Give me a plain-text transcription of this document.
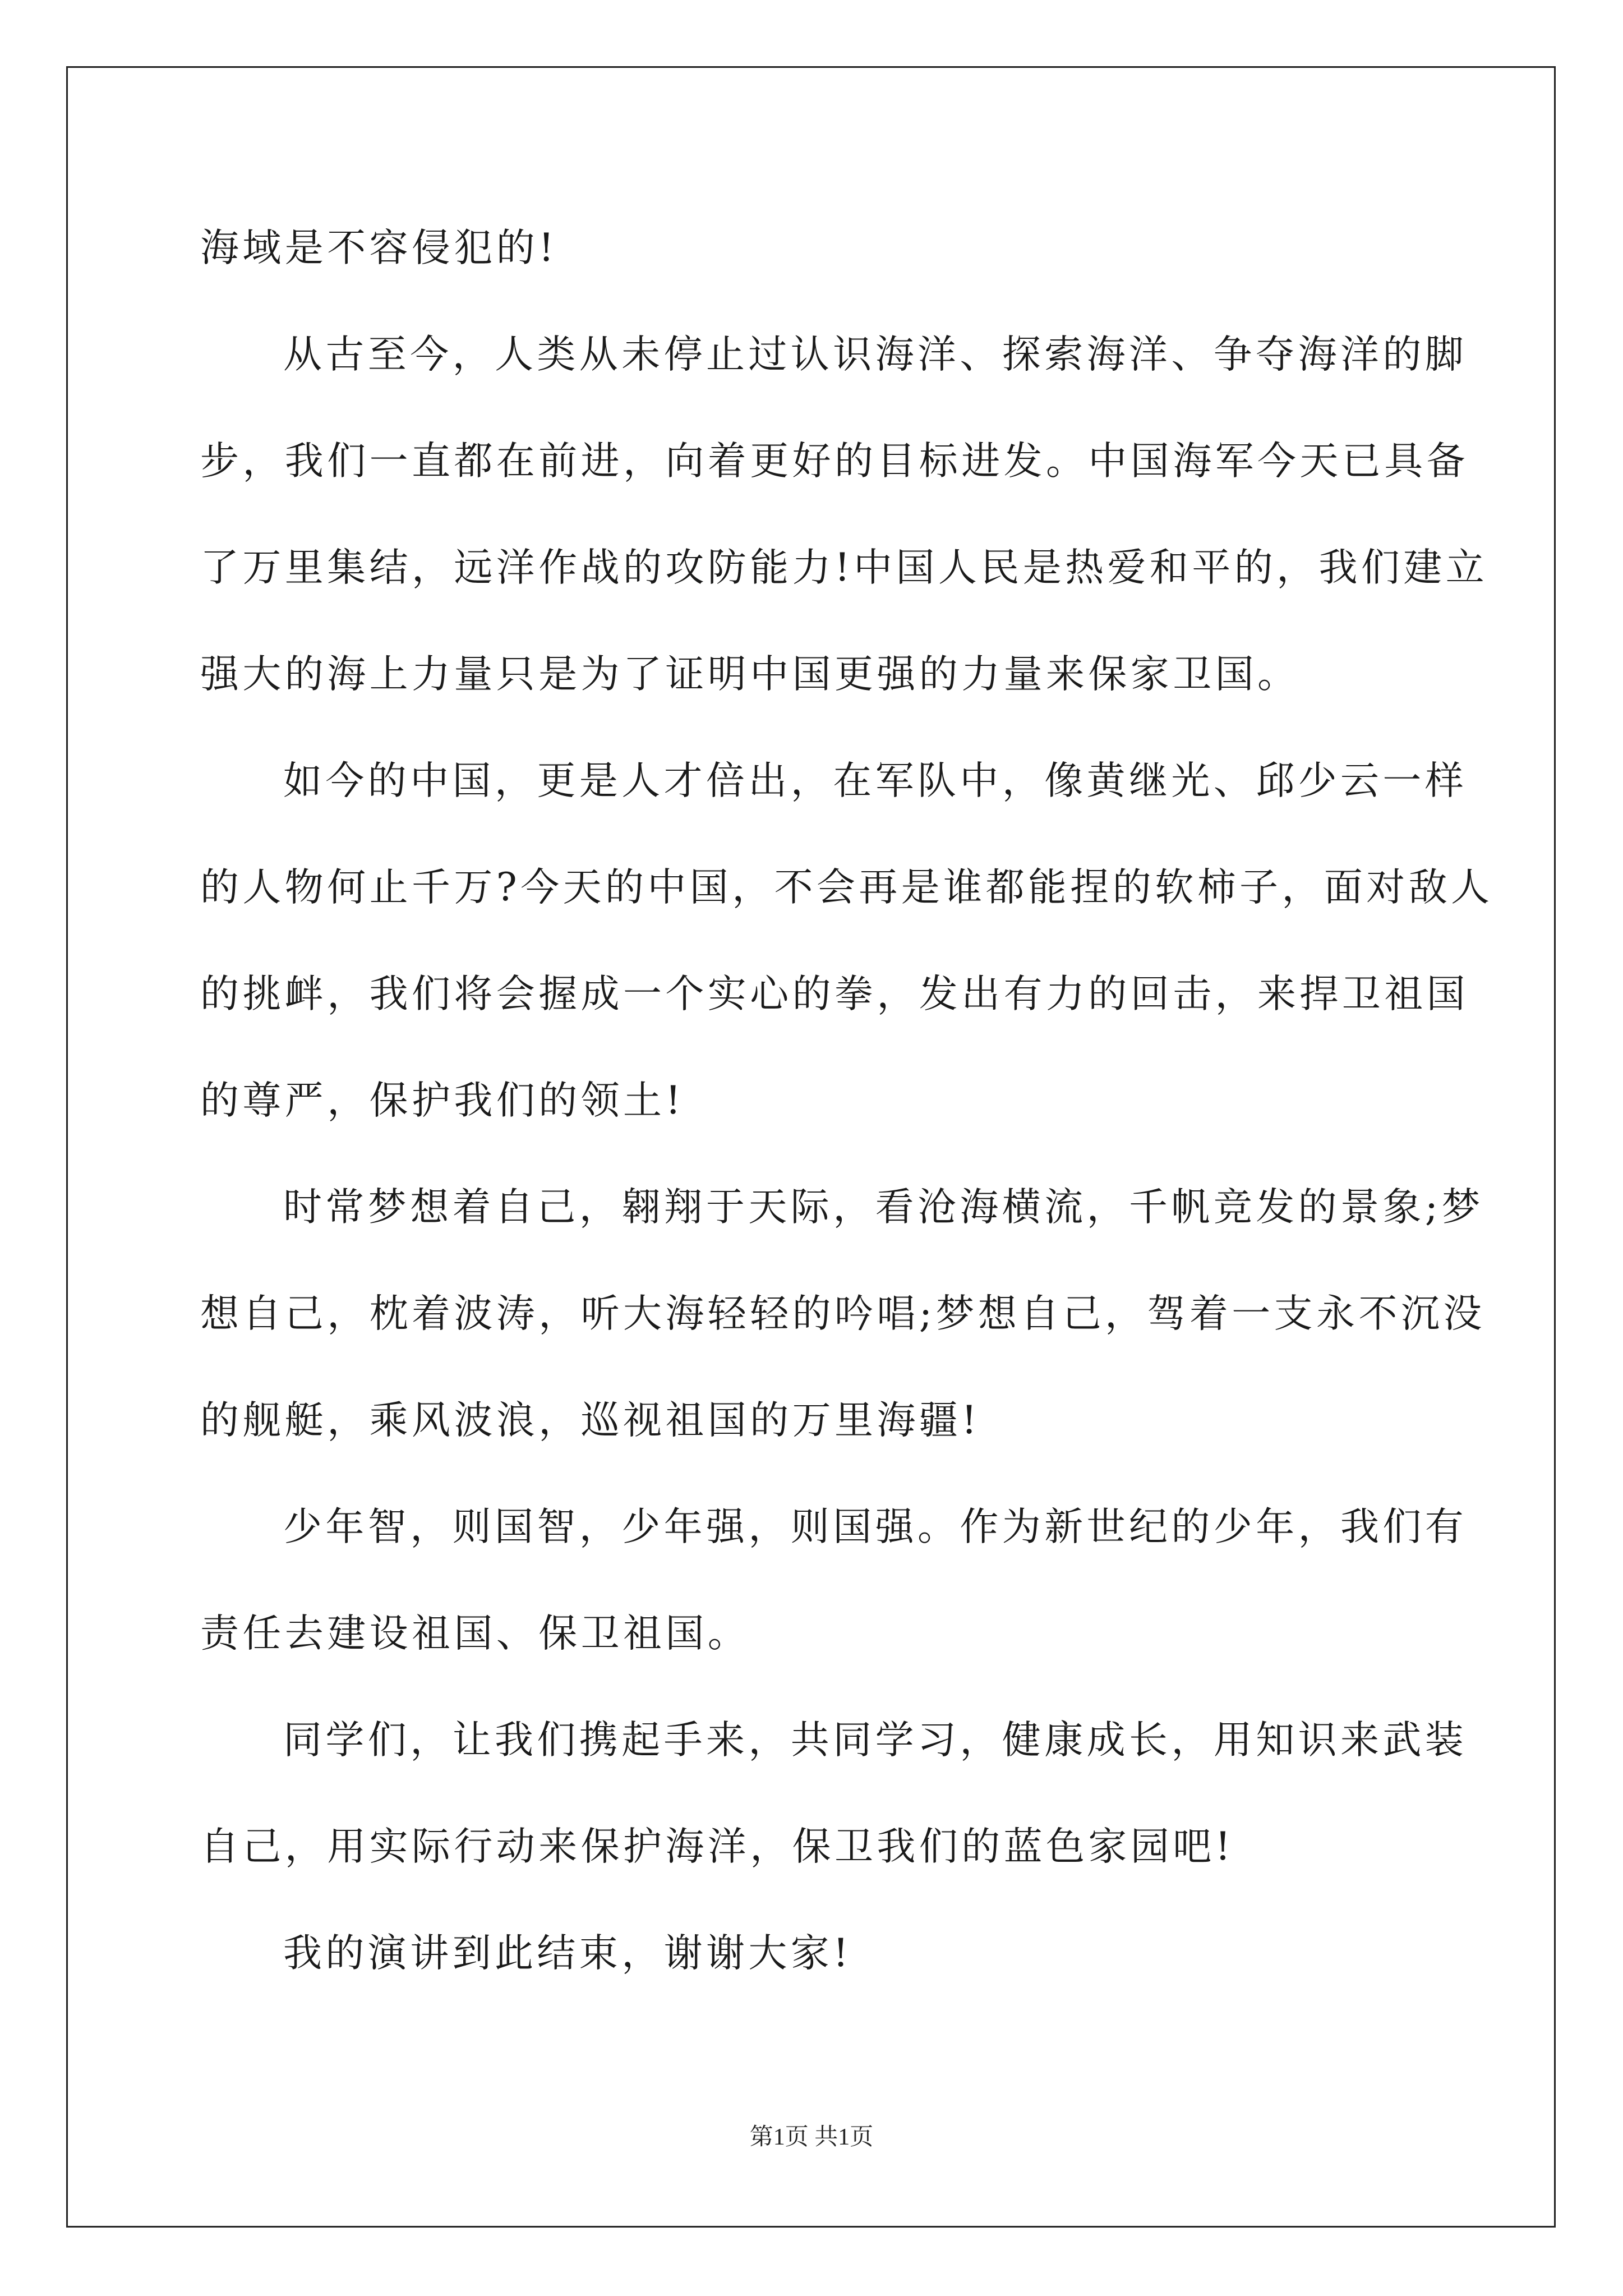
海域是不容侵犯的!
从古至今，人类从未停止过认识海洋、探索海洋、争夺海洋的脚
步，我们一直都在前进，向着更好的目标进发。中国海军今天已具备
了万里集结，远洋作战的攻防能力!中国人民是热爱和平的，我们建立
强大的海上力量只是为了证明中国更强的力量来保家卫国。
如今的中国，更是人才倍出，在军队中，像黄继光、邱少云一样
的人物何止千万?今天的中国，不会再是谁都能捏的软柿子，面对敌人
的挑衅，我们将会握成一个实心的拳，发出有力的回击，来捍卫祖国
的尊严，保护我们的领土!
时常梦想着自己，翱翔于天际，看沧海横流，千帆竞发的景象;梦
想自己，枕着波涛，听大海轻轻的吟唱;梦想自己，驾着一支永不沉没
的舰艇，乘风波浪，巡视祖国的万里海疆!
少年智，则国智，少年强，则国强。作为新世纪的少年，我们有
责任去建设祖国、保卫祖国。
同学们，让我们携起手来，共同学习，健康成长，用知识来武装
自己，用实际行动来保护海洋，保卫我们的蓝色家园吧!
我的演讲到此结束，谢谢大家!
第1页 共1页
